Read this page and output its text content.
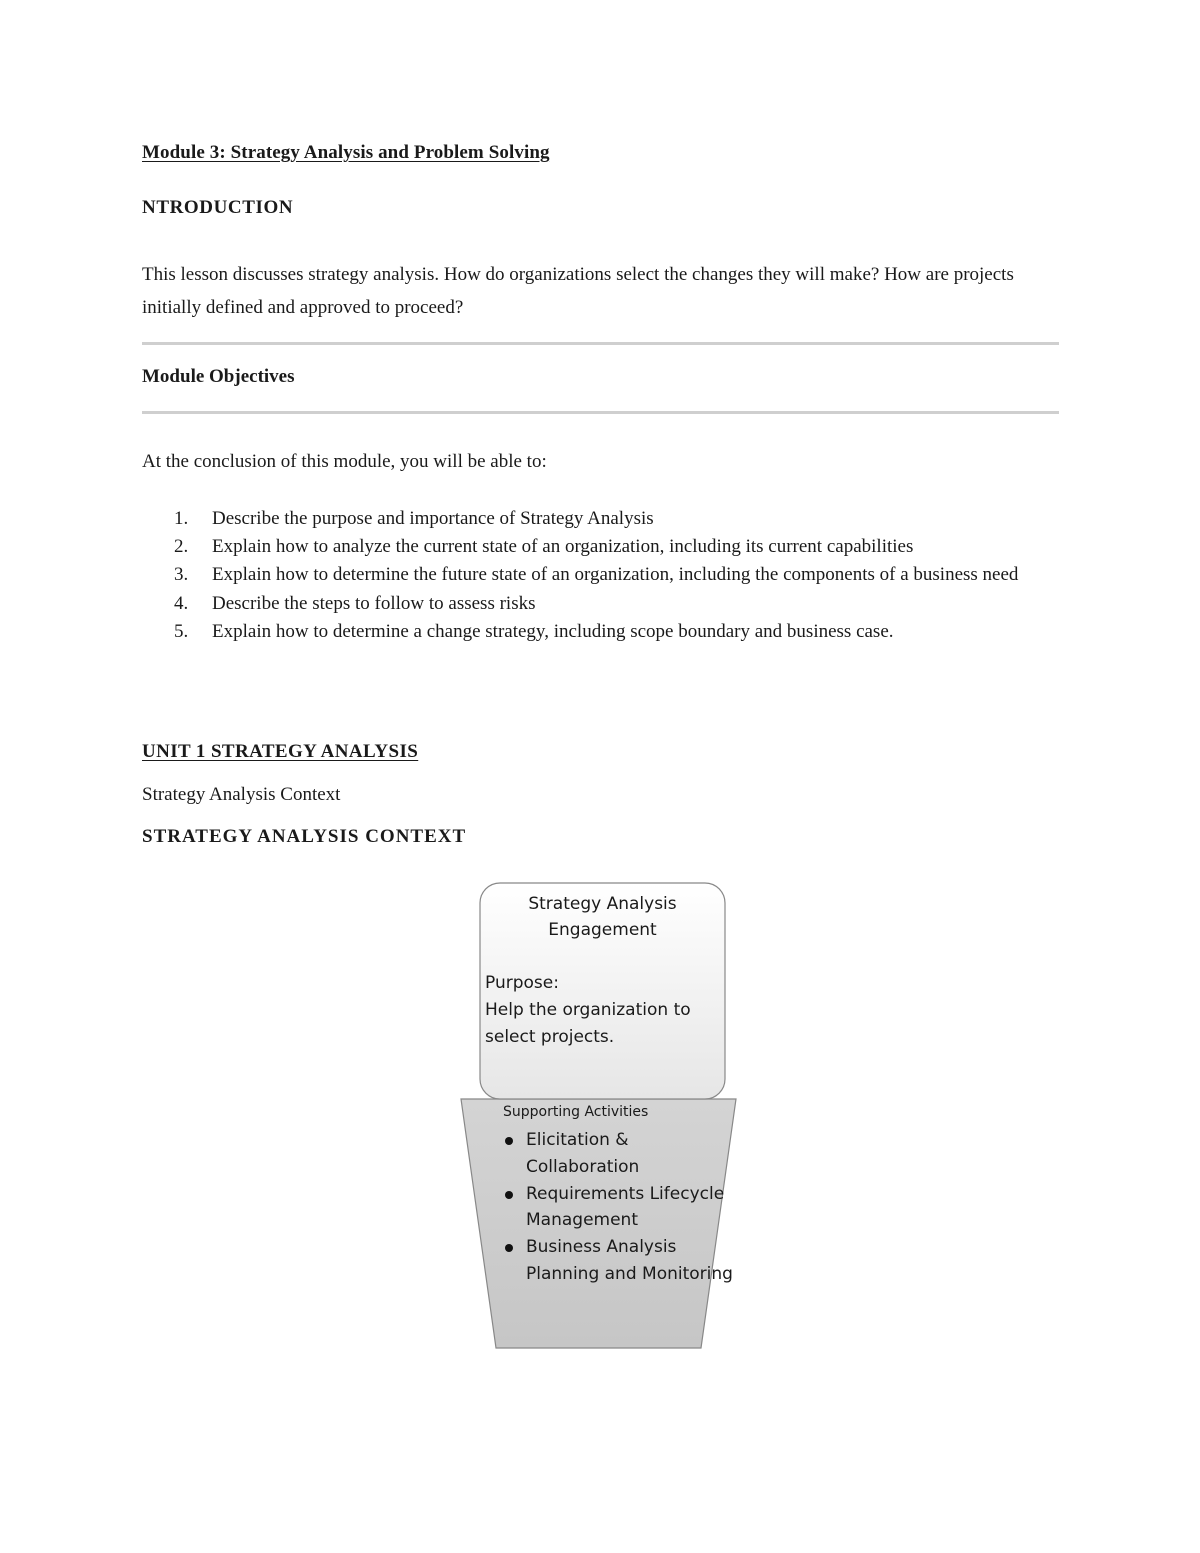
Module 3: Strategy Analysis and Problem Solving
NTRODUCTION
This lesson discusses strategy analysis. How do organizations select the changes they will make? How are projects initially defined and approved to proceed?
Module Objectives
At the conclusion of this module, you will be able to:
1. Describe the purpose and importance of Strategy Analysis
2. Explain how to analyze the current state of an organization, including its current capabilities
3. Explain how to determine the future state of an organization, including the components of a business need
4. Describe the steps to follow to assess risks
5. Explain how to determine a change strategy, including scope boundary and business case.
UNIT 1 STRATEGY ANALYSIS
Strategy Analysis Context
STRATEGY ANALYSIS CONTEXT
Strategy Analysis
Engagement
Purpose:
Help the organization to select projects.
Supporting Activities
Elicitation & Collaboration
Requirements Lifecycle Management
Business Analysis Planning and Monitoring
